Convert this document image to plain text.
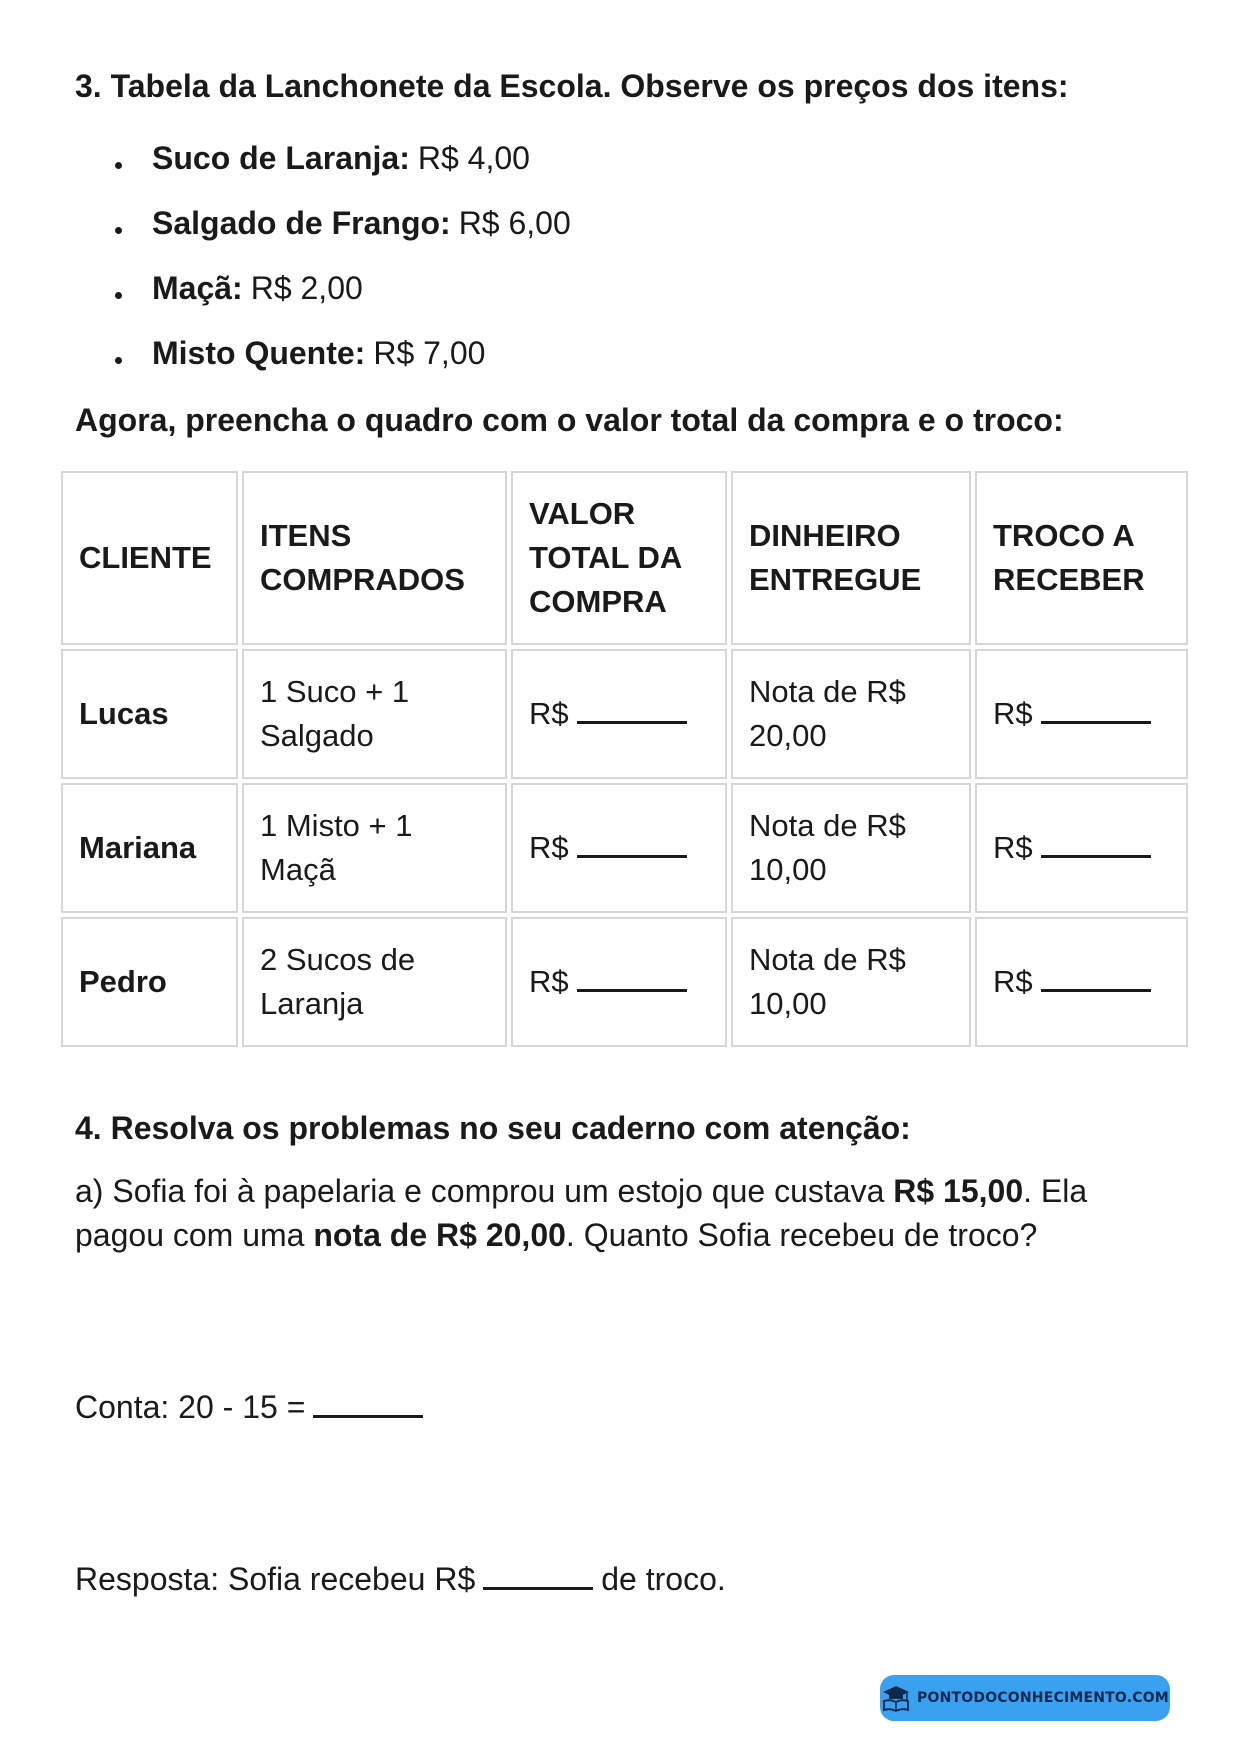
3. Tabela da Lanchonete da Escola. Observe os preços dos itens:
Suco de Laranja: R$ 4,00
Salgado de Frango: R$ 6,00
Maçã: R$ 2,00
Misto Quente: R$ 7,00
Agora, preencha o quadro com o valor total da compra e o troco:
CLIENTE	ITENS COMPRADOS	VALOR TOTAL DA COMPRA	DINHEIRO ENTREGUE	TROCO A RECEBER
Lucas	1 Suco + 1 Salgado	R$	Nota de R$ 20,00	R$
Mariana	1 Misto + 1 Maçã	R$	Nota de R$ 10,00	R$
Pedro	2 Sucos de Laranja	R$	Nota de R$ 10,00	R$
4. Resolva os problemas no seu caderno com atenção:
a) Sofia foi à papelaria e comprou um estojo que custava R$ 15,00. Ela
pagou com uma nota de R$ 20,00. Quanto Sofia recebeu de troco?
Conta: 20 - 15 =
Resposta: Sofia recebeu R$	de troco.
PONTODOCONHECIMENTO.COM
